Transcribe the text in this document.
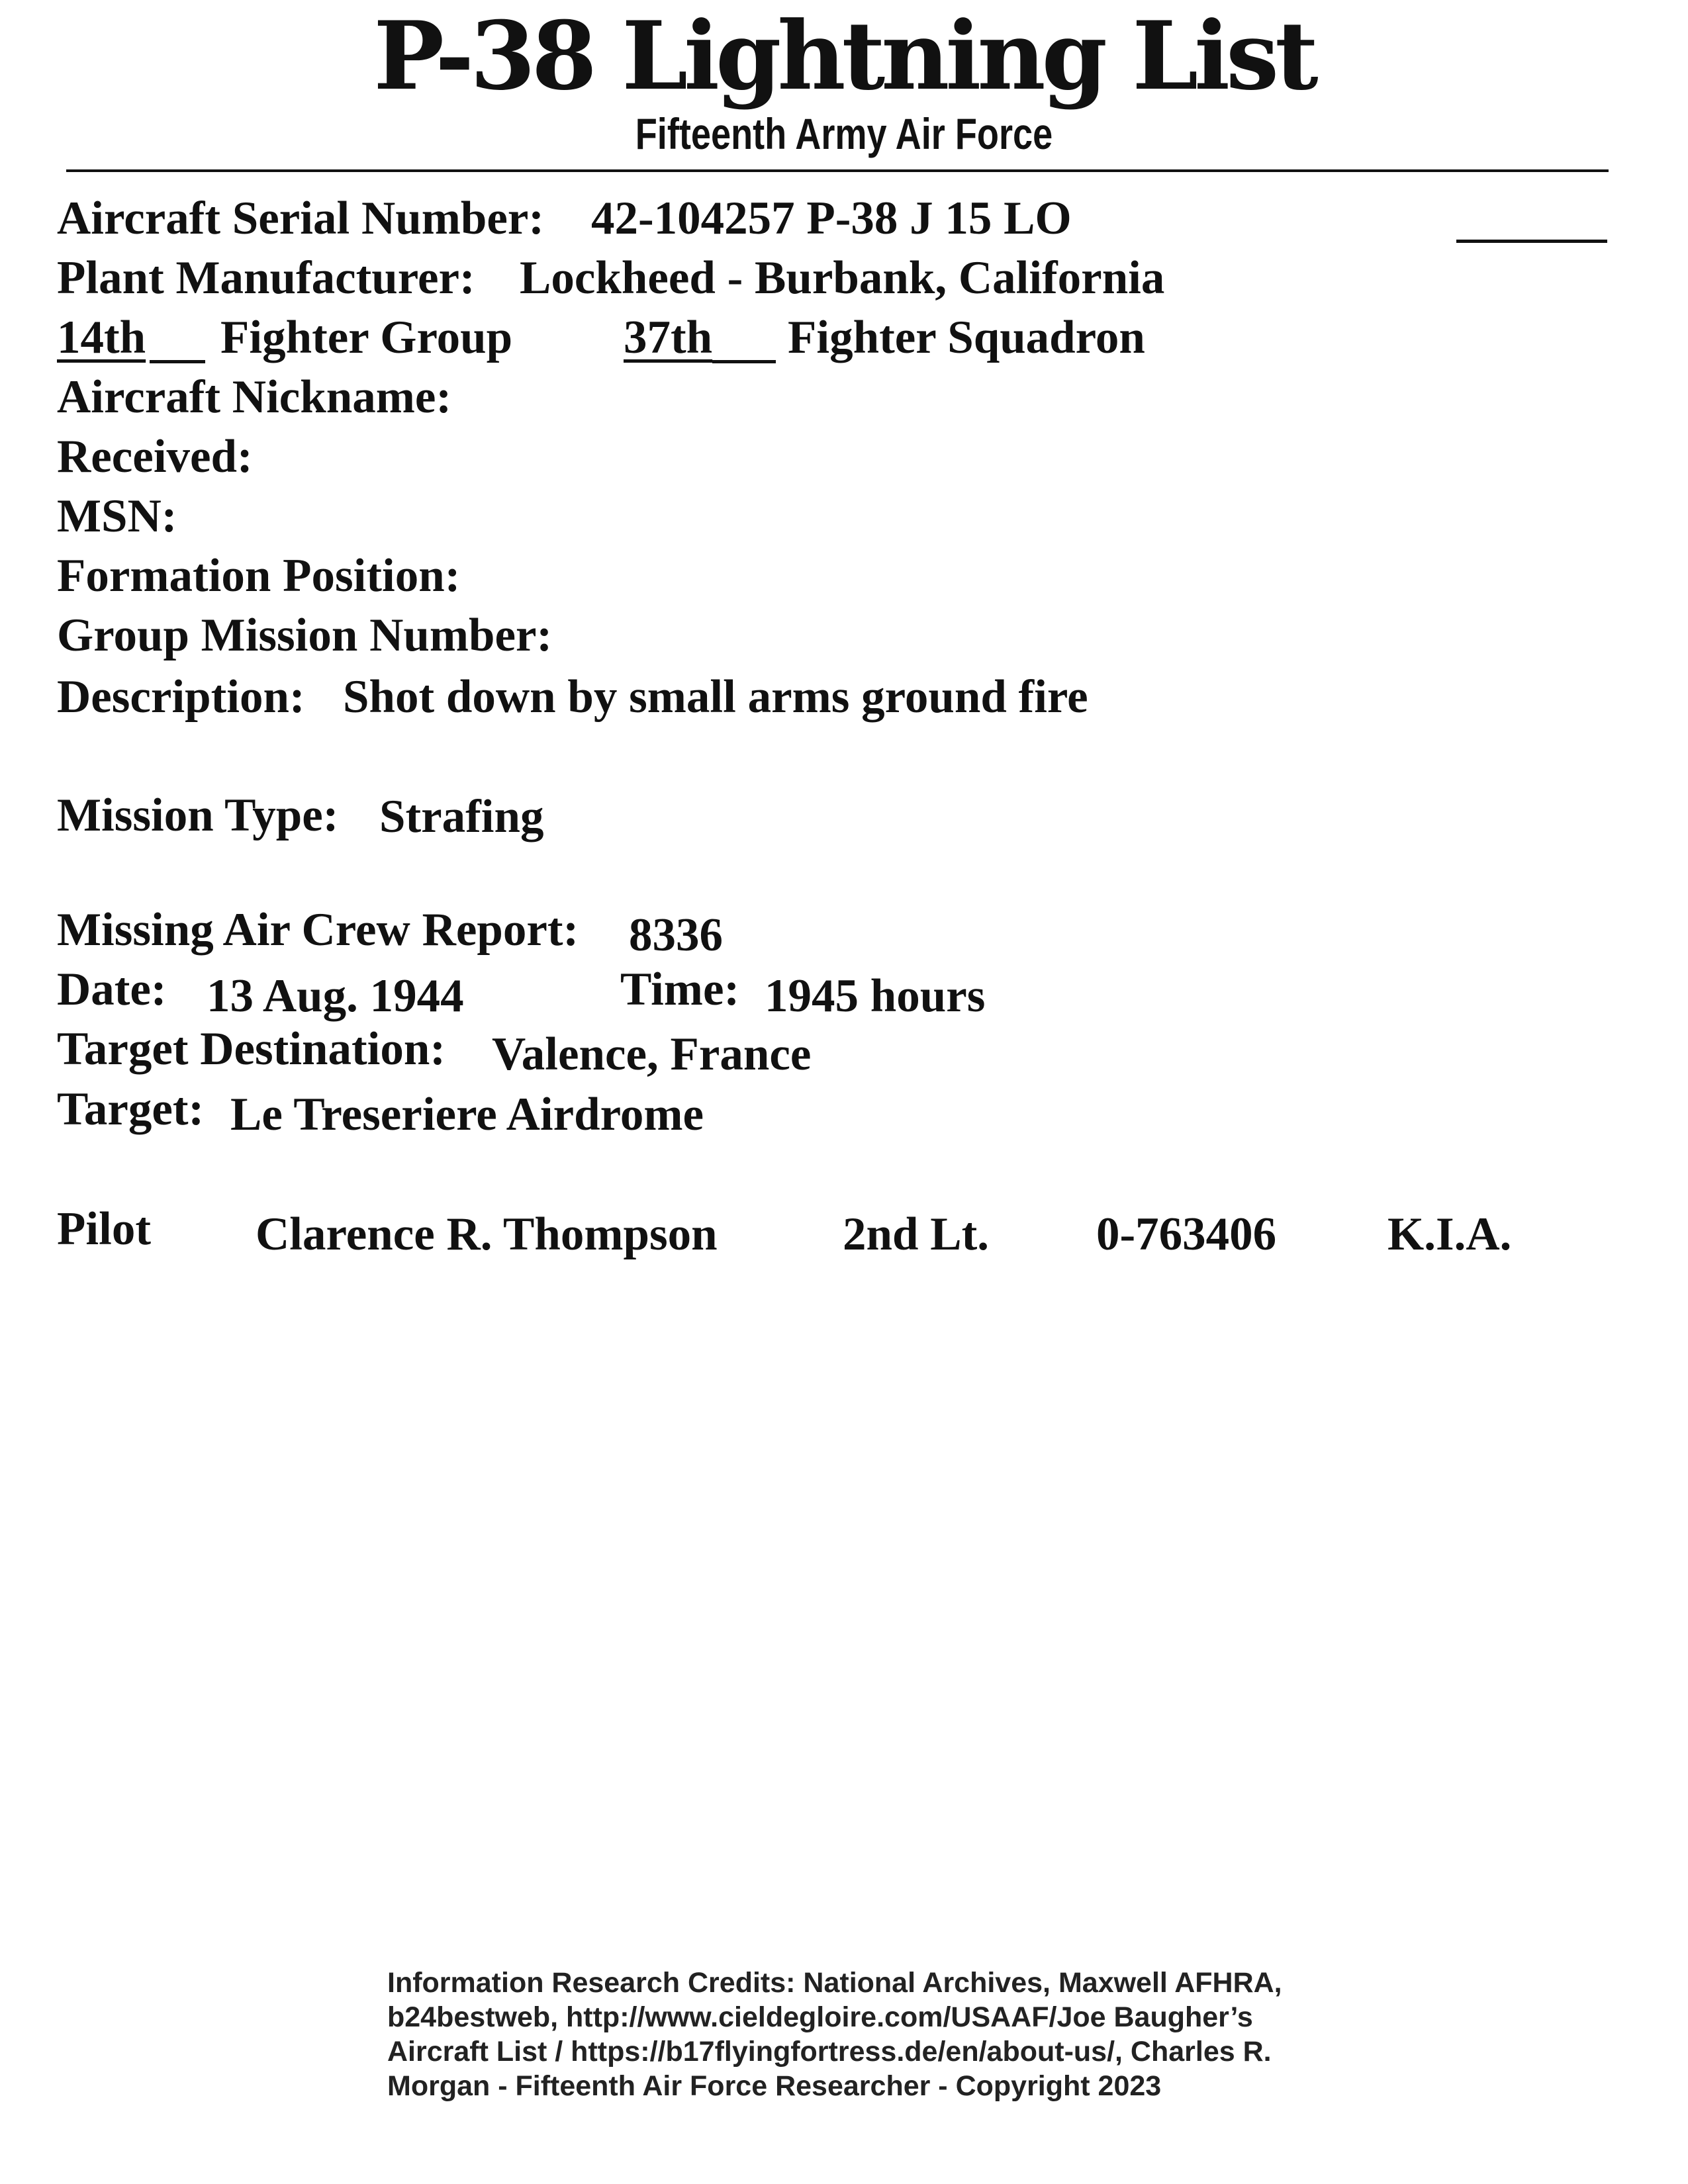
P-38 Lightning List
Fifteenth Army Air Force
Aircraft Serial Number: 42-104257 P-38 J 15 LO
Plant Manufacturer: Lockheed - Burbank, California
14th Fighter Group 37th Fighter Squadron
Aircraft Nickname:
Received:
MSN:
Formation Position:
Group Mission Number:
Description: Shot down by small arms ground fire
Mission Type: Strafing
Missing Air Crew Report: 8336
Date: 13 Aug. 1944	Time: 1945 hours
Target Destination: Valence, France
Target: Le Treseriere Airdrome
Pilot Clarence R. Thompson	2nd Lt. 0-763406 K.I.A.
Information Research Credits: National Archives, Maxwell AFHRA,
b24bestweb, http://www.cieldegloire.com/USAAF/Joe Baugher’s
Aircraft List / https://b17flyingfortress.de/en/about-us/, Charles R.
Morgan - Fifteenth Air Force Researcher - Copyright 2023
